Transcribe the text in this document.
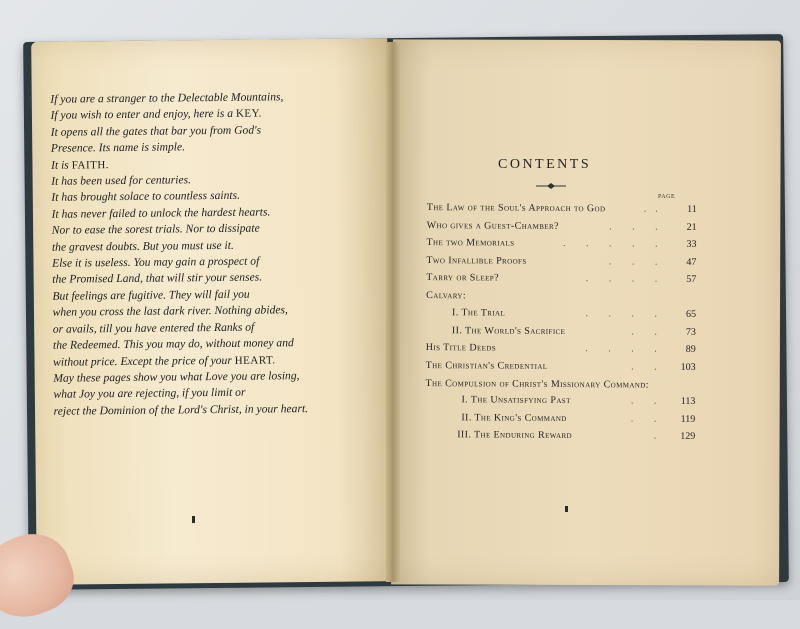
If you are a stranger to the Delectable Mountains,
If you wish to enter and enjoy, here is a KEY.
It opens all the gates that bar you from God's
Presence. Its name is simple.
It is FAITH.
It has been used for centuries.
It has brought solace to countless saints.
It has never failed to unlock the hardest hearts.
Nor to ease the sorest trials. Nor to dissipate
the gravest doubts. But you must use it.
Else it is useless. You may gain a prospect of
the Promised Land, that will stir your senses.
But feelings are fugitive. They will fail you
when you cross the last dark river. Nothing abides,
or avails, till you have entered the Ranks of
the Redeemed. This you may do, without money and
without price. Except the price of your HEART.
May these pages show you what Love you are losing,
what Joy you are rejecting, if you limit or
reject the Dominion of the Lord's Christ, in your heart.
CONTENTS
PAGE
The Law of the Soul's Approach to God	.. 11
Who gives a Guest-Chamber?	. . . 21
The two Memorials	. . . . . 33
Two Infallible Proofs	. . . 47
Tarry or Sleep?	. . . . 57
Calvary:
I. The Trial	. . . . 65
II. The World's Sacrifice	. . 73
His Title Deeds	. . . . 89
The Christian's Credential	. . 103
The Compulsion of Christ's Missionary Command:
I. The Unsatisfying Past	. . 113
II. The King's Command	. . 119
III. The Enduring Reward	. 129
